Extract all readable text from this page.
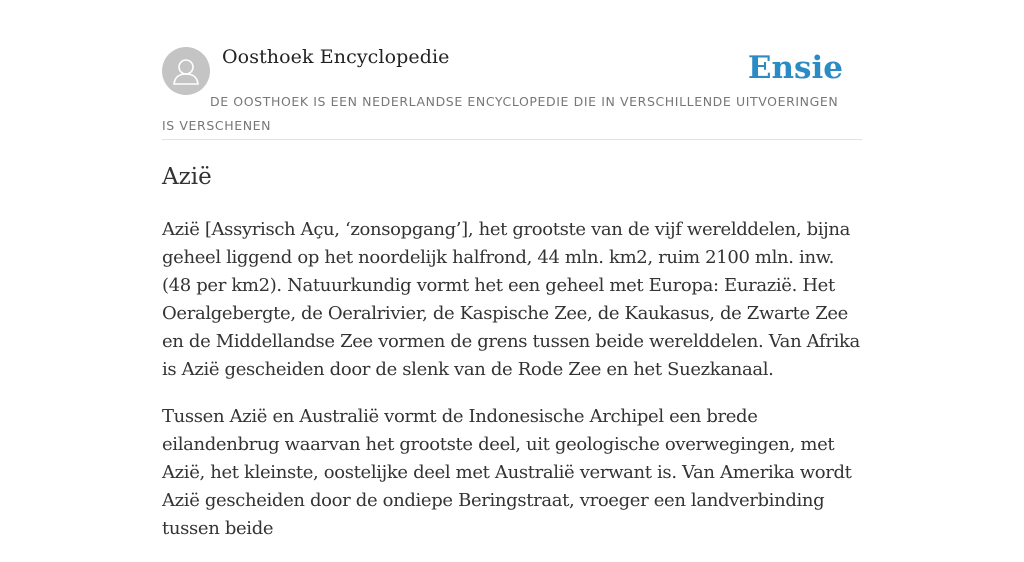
Oosthoek Encyclopedie	Ensie
DE OOSTHOEK IS EEN NEDERLANDSE ENCYCLOPEDIE DIE IN VERSCHILLENDE UITVOERINGEN IS VERSCHENEN
Azië

Azië [Assyrisch Açu, ‘zonsopgang’], het grootste van de vijf werelddelen, bijna geheel liggend op het noordelijk halfrond, 44 mln. km2, ruim 2100 mln. inw. (48 per km2). Natuurkundig vormt het een geheel met Europa: Eurazië. Het Oeralgebergte, de Oeralrivier, de Kaspische Zee, de Kaukasus, de Zwarte Zee en de Middellandse Zee vormen de grens tussen beide werelddelen. Van Afrika is Azië gescheiden door de slenk van de Rode Zee en het Suezkanaal.

Tussen Azië en Australië vormt de Indonesische Archipel een brede eilandenbrug waarvan het grootste deel, uit geologische overwegingen, met Azië, het kleinste, oostelijke deel met Australië verwant is. Van Amerika wordt Azië gescheiden door de ondiepe Beringstraat, vroeger een landverbinding tussen beide
